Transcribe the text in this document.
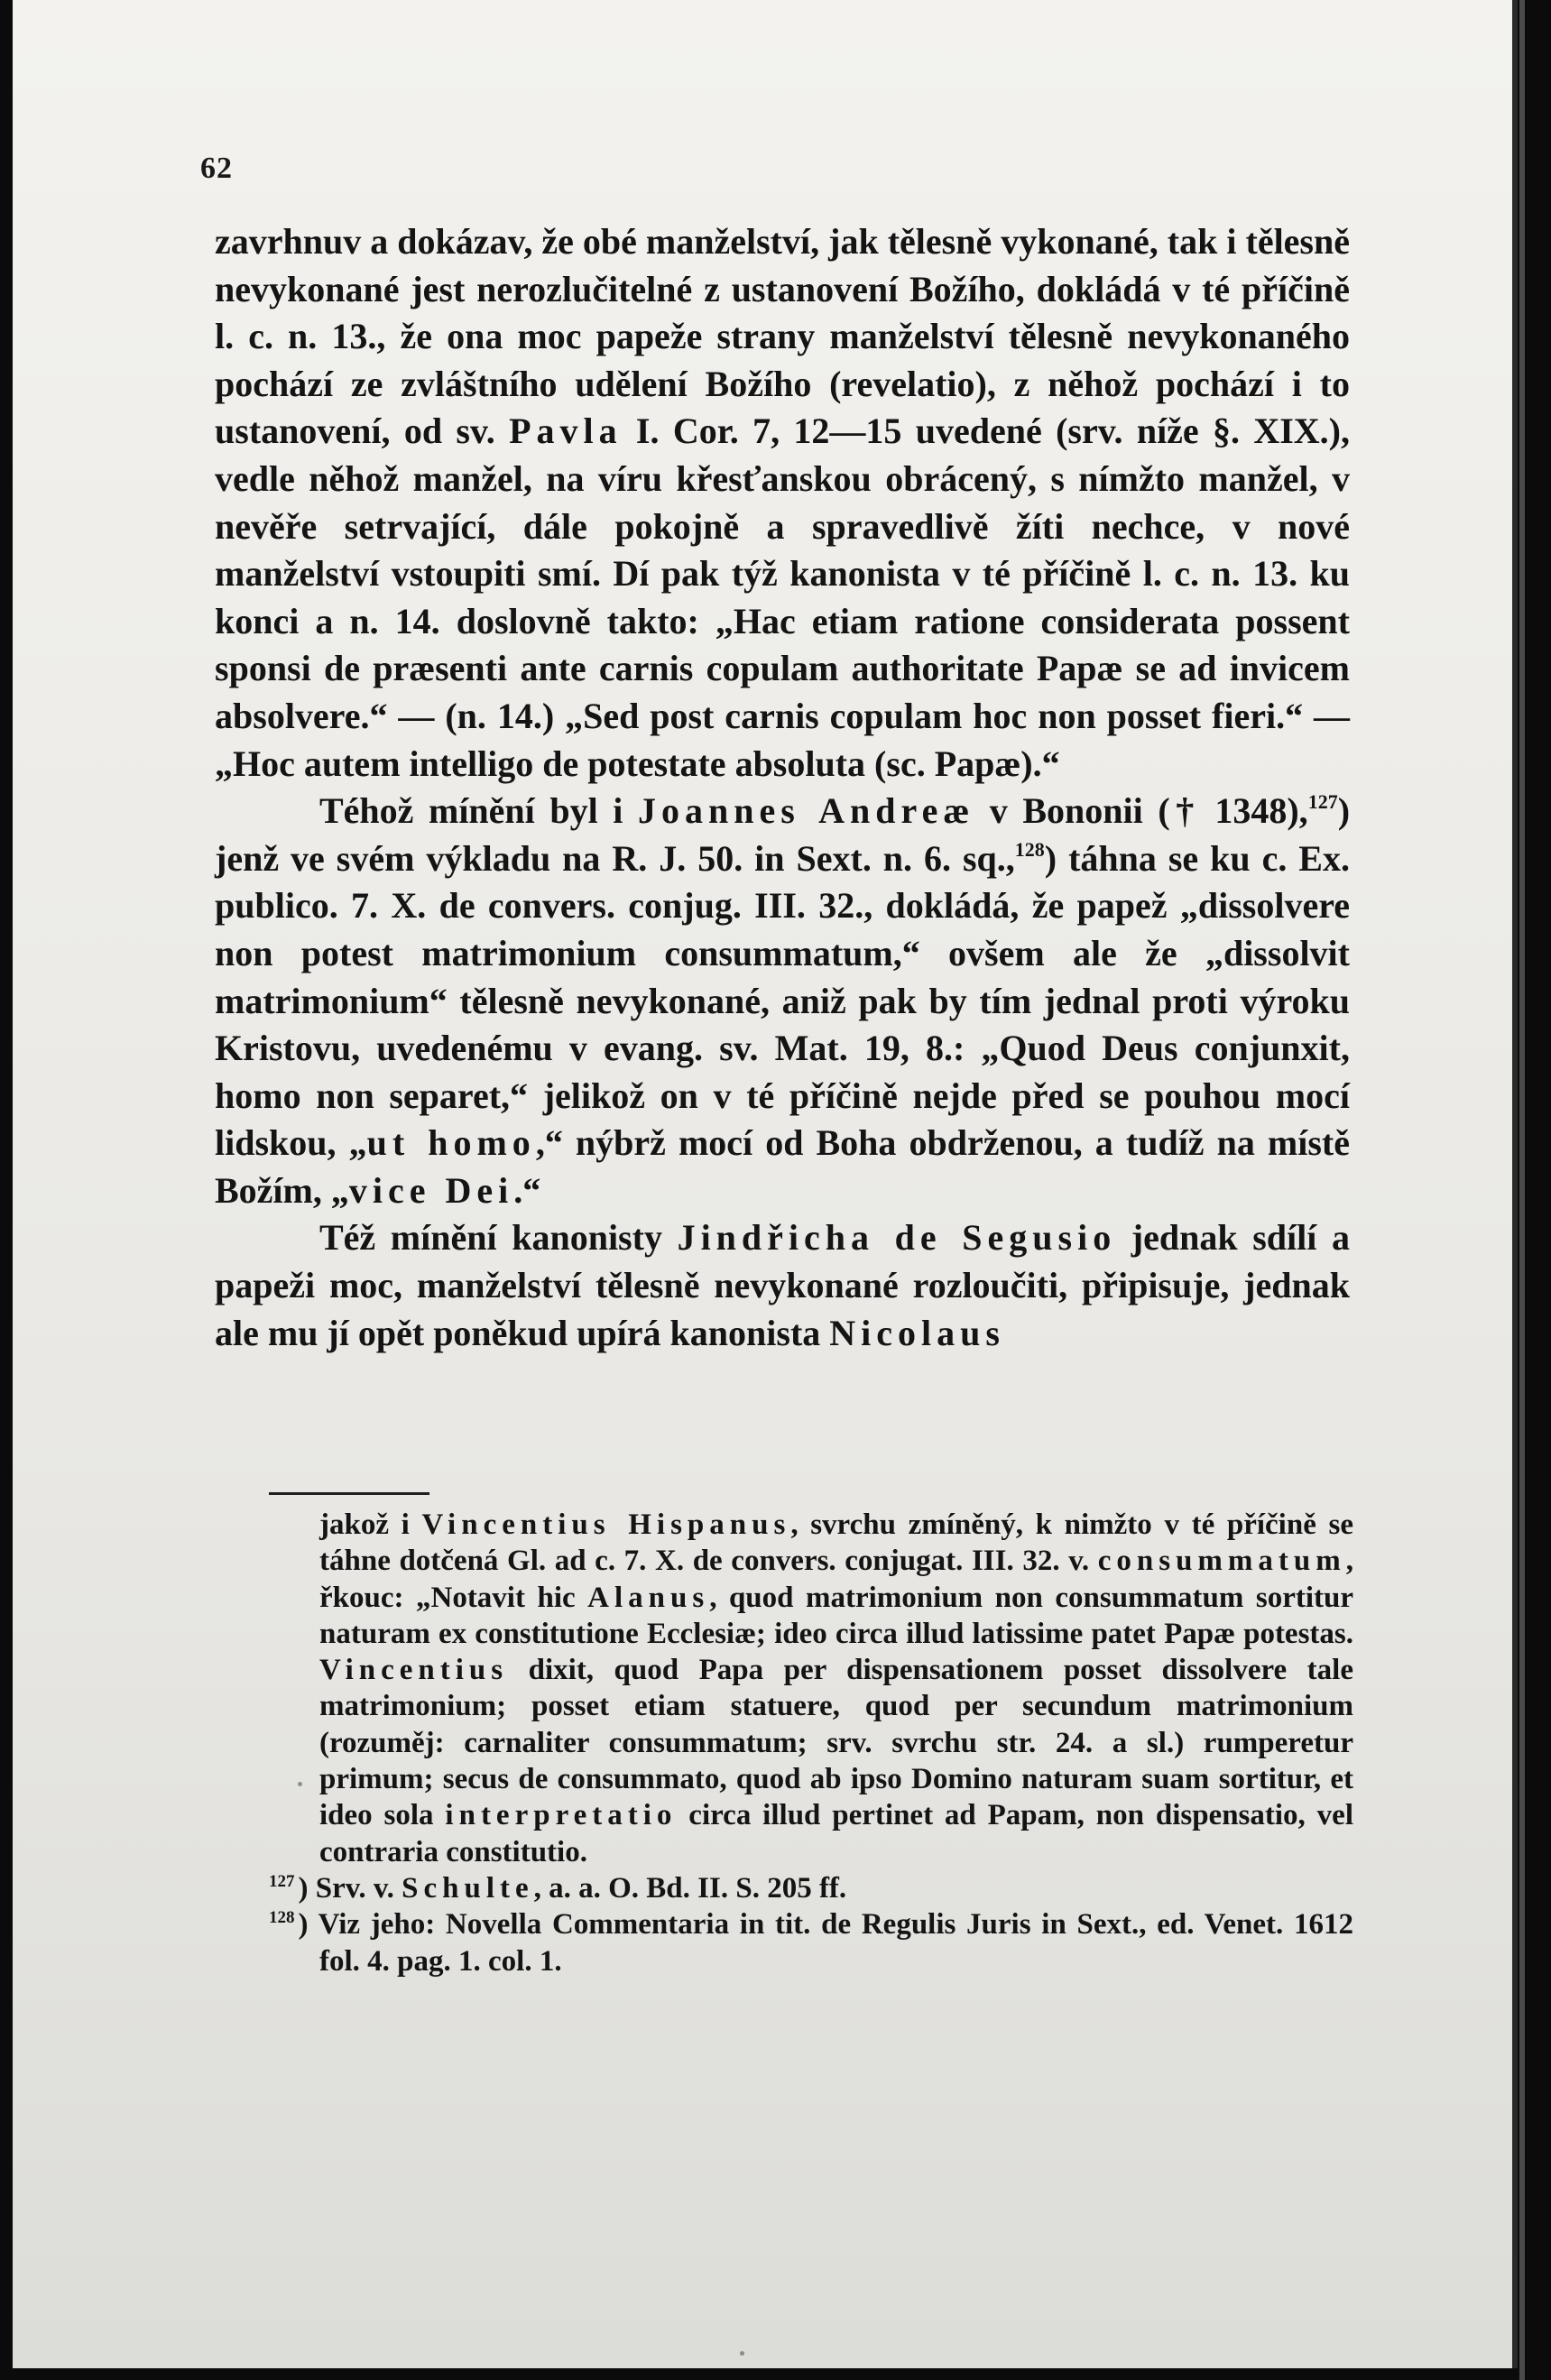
62

zavrhnuv a dokázav, že obé manželství, jak tělesně vykonané, tak i tělesně nevykonané jest nerozlučitelné z ustanovení Božího, dokládá v té příčině l. c. n. 13., že ona moc papeže strany manželství tělesně nevykonaného pochází ze zvláštního udělení Božího (revelatio), z něhož pochází i to ustanovení, od sv. Pavla I. Cor. 7, 12—15 uvedené (srv. níže §. XIX.), vedle něhož manžel, na víru křesťanskou obrácený, s nímžto manžel, v nevěře setrvající, dále pokojně a spravedlivě žíti nechce, v nové manželství vstoupiti smí. Dí pak týž kanonista v té příčině l. c. n. 13. ku konci a n. 14. doslovně takto: „Hac etiam ratione considerata possent sponsi de præsenti ante carnis copulam authoritate Papæ se ad invicem absolvere.“ — (n. 14.) „Sed post carnis copulam hoc non posset fieri.“ — „Hoc autem intelligo de potestate absoluta (sc. Papæ).“

Téhož mínění byl i Joannes Andreæ v Bononii († 1348),$^{127}$) jenž ve svém výkladu na R. J. 50. in Sext. n. 6. sq.,$^{128}$) táhna se ku c. Ex. publico. 7. X. de convers. conjug. III. 32., dokládá, že papež „dissolvere non potest matrimonium consummatum,“ ovšem ale že „dissolvit matrimonium“ tělesně nevykonané, aniž pak by tím jednal proti výroku Kristovu, uvedenému v evang. sv. Mat. 19, 8.: „Quod Deus conjunxit, homo non separet,“ jelikož on v té příčině nejde před se pouhou mocí lidskou, „ut homo,“ nýbrž mocí od Boha obdrženou, a tudíž na místě Božím, „vice Dei.“

Též mínění kanonisty Jindřicha de Segusio jednak sdílí a papeži moc, manželství tělesně nevykonané rozloučiti, připisuje, jednak ale mu jí opět poněkud upírá kanonista Nicolaus

jakož i Vincentius Hispanus, svrchu zmíněný, k nimžto v té příčině se táhne dotčená Gl. ad c. 7. X. de convers. conjugat. III. 32. v. consummatum, řkouc: „Notavit hic Alanus, quod matrimonium non consummatum sortitur naturam ex constitutione Ecclesiæ; ideo circa illud latissime patet Papæ potestas. Vincentius dixit, quod Papa per dispensationem posset dissolvere tale matrimonium; posset etiam statuere, quod per secundum matrimonium (rozuměj: carnaliter consummatum; srv. svrchu str. 24. a sl.) rumperetur primum; secus de consummato, quod ab ipso Domino naturam suam sortitur, et ideo sola interpretatio circa illud pertinet ad Papam, non dispensatio, vel contraria constitutio.

$^{127}$ ) Srv. v. Schulte, a. a. O. Bd. II. S. 205 ff.

$^{128}$ ) Viz jeho: Novella Commentaria in tit. de Regulis Juris in Sext., ed. Venet. 1612 fol. 4. pag. 1. col. 1.
